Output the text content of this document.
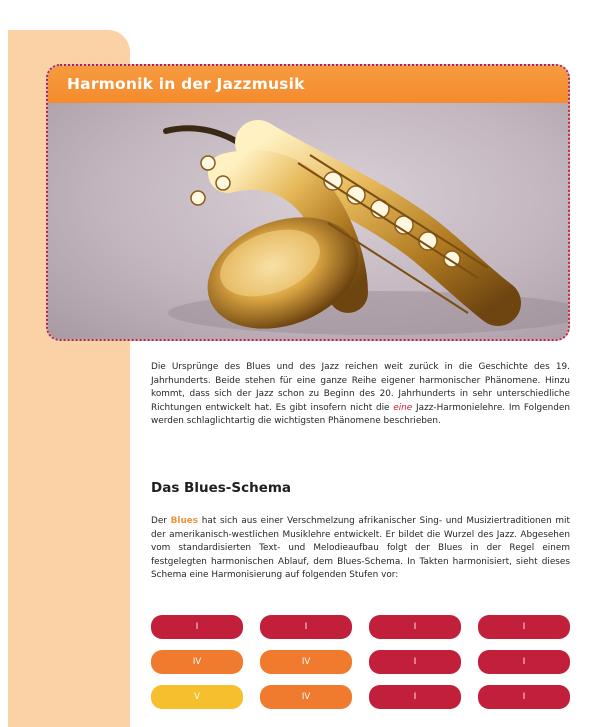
Harmonik in der Jazzmusik
Die Ursprünge des Blues und des Jazz reichen weit zurück in die Geschichte des 19. Jahrhunderts. Beide stehen für eine ganze Reihe eigener harmonischer Phänomene. Hinzu kommt, dass sich der Jazz schon zu Beginn des 20. Jahrhunderts in sehr unterschiedliche Richtungen entwickelt hat. Es gibt insofern nicht die eine Jazz-Harmonielehre. Im Folgenden werden schlaglichtartig die wichtigsten Phänomene beschrieben.
Das Blues-Schema
Der Blues hat sich aus einer Verschmelzung afrikanischer Sing- und Musiziertraditionen mit der amerikanisch-westlichen Musiklehre entwickelt. Er bildet die Wurzel des Jazz. Abgesehen vom standardisierten Text- und Melodieaufbau folgt der Blues in der Regel einem festgelegten harmonischen Ablauf, dem Blues-Schema. In Takten harmonisiert, sieht dieses Schema eine Harmonisierung auf folgenden Stufen vor:
I	I	I	I
IV	IV	I	I
V	IV	I	I
